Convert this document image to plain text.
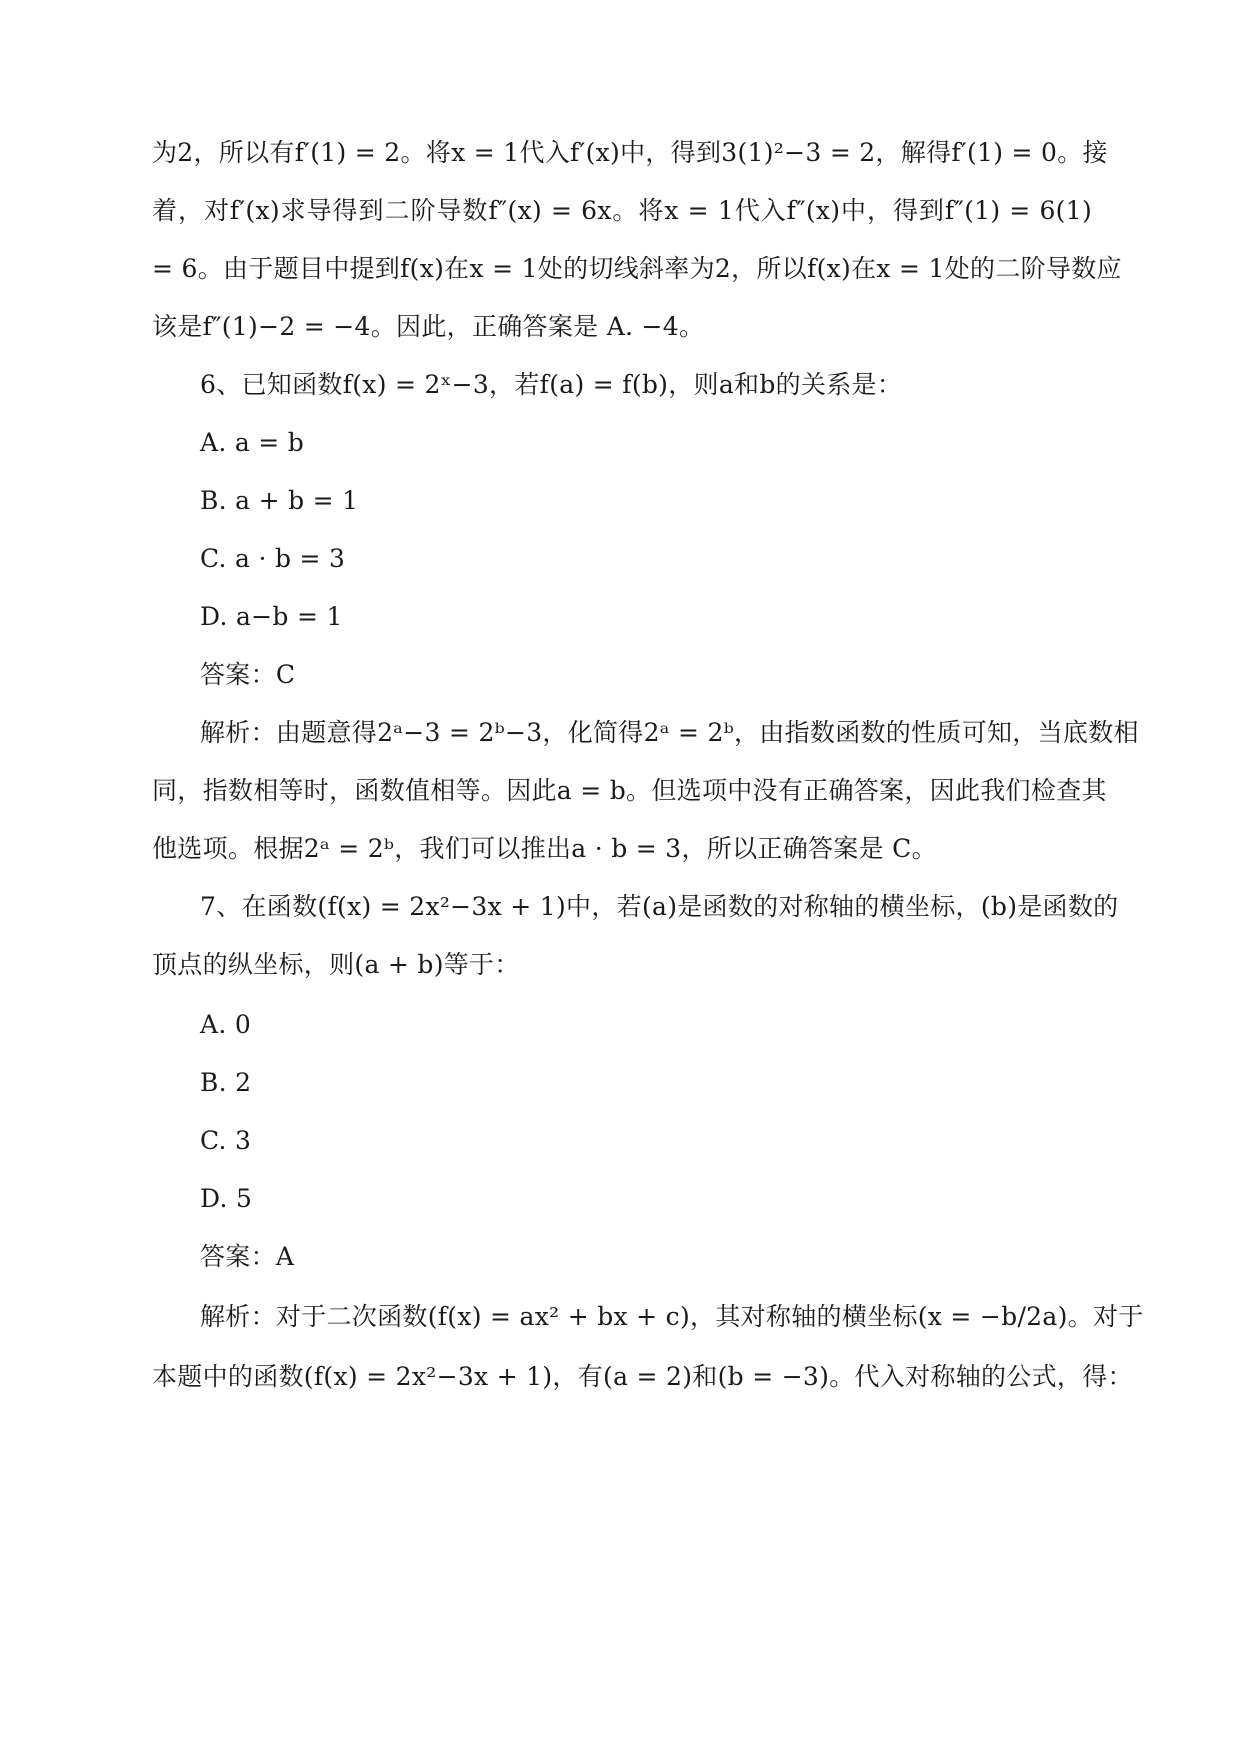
为2，所以有f′(1) = 2。将x = 1代入f′(x)中，得到3(1)²−3 = 2，解得f′(1) = 0。接
着，对f′(x)求导得到二阶导数f″(x) = 6x。将x = 1代入f″(x)中，得到f″(1) = 6(1)
= 6。由于题目中提到f(x)在x = 1处的切线斜率为2，所以f(x)在x = 1处的二阶导数应
该是f″(1)−2 = −4。因此，正确答案是 A. −4。
6、已知函数f(x) = 2ˣ−3，若f(a) = f(b)，则a和b的关系是：
A. a = b
B. a + b = 1
C. a · b = 3
D. a−b = 1
答案：C
解析：由题意得2ᵃ−3 = 2ᵇ−3，化简得2ᵃ = 2ᵇ，由指数函数的性质可知，当底数相
同，指数相等时，函数值相等。因此a = b。但选项中没有正确答案，因此我们检查其
他选项。根据2ᵃ = 2ᵇ，我们可以推出a · b = 3，所以正确答案是 C。
7、在函数(f(x) = 2x²−3x + 1)中，若(a)是函数的对称轴的横坐标，(b)是函数的
顶点的纵坐标，则(a + b)等于：
A. 0
B. 2
C. 3
D. 5
答案：A
解析：对于二次函数(f(x) = ax² + bx + c)，其对称轴的横坐标(x = −b/2a)。对于
本题中的函数(f(x) = 2x²−3x + 1)，有(a = 2)和(b = −3)。代入对称轴的公式，得：
